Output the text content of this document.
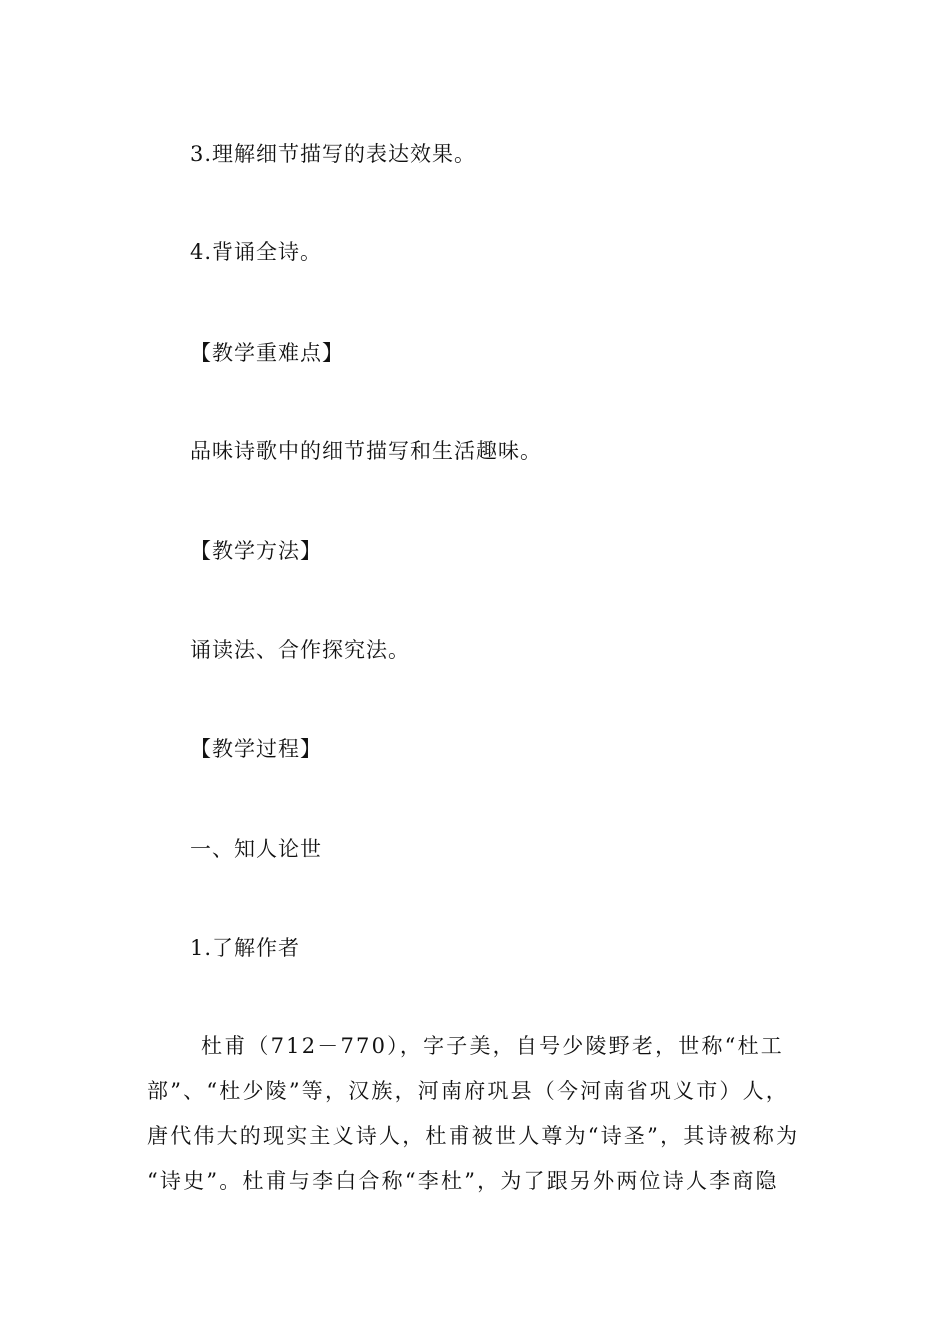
3.理解细节描写的表达效果。
4.背诵全诗。
【教学重难点】
品味诗歌中的细节描写和生活趣味。
【教学方法】
诵读法、合作探究法。
【教学过程】
一、知人论世
1.了解作者
杜甫（712－770），字子美，自号少陵野老，世称“杜工
部”、“杜少陵”等，汉族，河南府巩县（今河南省巩义市）人，
唐代伟大的现实主义诗人，杜甫被世人尊为“诗圣”，其诗被称为
“诗史”。杜甫与李白合称“李杜”，为了跟另外两位诗人李商隐
